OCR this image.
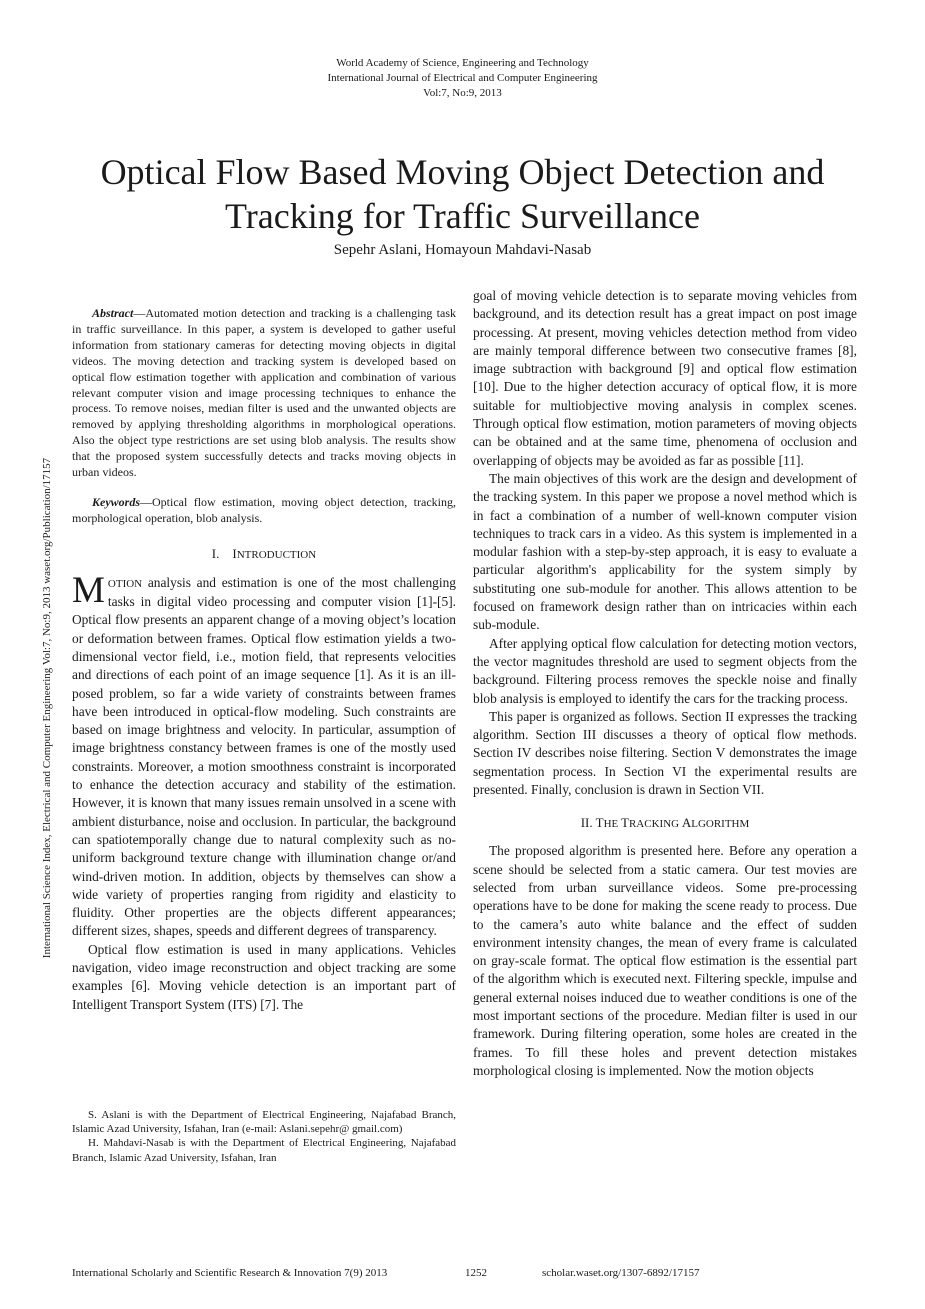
World Academy of Science, Engineering and Technology
International Journal of Electrical and Computer Engineering
Vol:7, No:9, 2013
Optical Flow Based Moving Object Detection and
Tracking for Traffic Surveillance
Sepehr Aslani, Homayoun Mahdavi-Nasab
International Science Index, Electrical and Computer Engineering Vol:7, No:9, 2013 waset.org/Publication/17157

Abstract—Automated motion detection and tracking is a challenging task in traffic surveillance. In this paper, a system is developed to gather useful information from stationary cameras for detecting moving objects in digital videos. The moving detection and tracking system is developed based on optical flow estimation together with application and combination of various relevant computer vision and image processing techniques to enhance the process. To remove noises, median filter is used and the unwanted objects are removed by applying thresholding algorithms in morphological operations. Also the object type restrictions are set using blob analysis. The results show that the proposed system successfully detects and tracks moving objects in urban videos.

Keywords—Optical flow estimation, moving object detection, tracking, morphological operation, blob analysis.

I. INTRODUCTION

MOTION analysis and estimation is one of the most challenging tasks in digital video processing and computer vision [1]-[5]. Optical flow presents an apparent change of a moving object’s location or deformation between frames. Optical flow estimation yields a two-dimensional vector field, i.e., motion field, that represents velocities and directions of each point of an image sequence [1]. As it is an ill-posed problem, so far a wide variety of constraints between frames have been introduced in optical-flow modeling. Such constraints are based on image brightness and velocity. In particular, assumption of image brightness constancy between frames is one of the mostly used constraints. Moreover, a motion smoothness constraint is incorporated to enhance the detection accuracy and stability of the estimation. However, it is known that many issues remain unsolved in a scene with ambient disturbance, noise and occlusion. In particular, the background can spatiotemporally change due to natural complexity such as no-uniform background texture change with illumination change or/and wind-driven motion. In addition, objects by themselves can show a wide variety of properties ranging from rigidity and elasticity to fluidity. Other properties are the objects different appearances; different sizes, shapes, speeds and different degrees of transparency.

Optical flow estimation is used in many applications. Vehicles navigation, video image reconstruction and object tracking are some examples [6]. Moving vehicle detection is an important part of Intelligent Transport System (ITS) [7]. The

S. Aslani is with the Department of Electrical Engineering, Najafabad Branch, Islamic Azad University, Isfahan, Iran (e-mail: Aslani.sepehr@ gmail.com)

H. Mahdavi-Nasab is with the Department of Electrical Engineering, Najafabad Branch, Islamic Azad University, Isfahan, Iran

goal of moving vehicle detection is to separate moving vehicles from background, and its detection result has a great impact on post image processing. At present, moving vehicles detection method from video are mainly temporal difference between two consecutive frames [8], image subtraction with background [9] and optical flow estimation [10]. Due to the higher detection accuracy of optical flow, it is more suitable for multiobjective moving analysis in complex scenes. Through optical flow estimation, motion parameters of moving objects can be obtained and at the same time, phenomena of occlusion and overlapping of objects may be avoided as far as possible [11].

The main objectives of this work are the design and development of the tracking system. In this paper we propose a novel method which is in fact a combination of a number of well-known computer vision techniques to track cars in a video. As this system is implemented in a modular fashion with a step-by-step approach, it is easy to evaluate a particular algorithm's applicability for the system simply by substituting one sub-module for another. This allows attention to be focused on framework design rather than on intricacies within each sub-module.

After applying optical flow calculation for detecting motion vectors, the vector magnitudes threshold are used to segment objects from the background. Filtering process removes the speckle noise and finally blob analysis is employed to identify the cars for the tracking process.

This paper is organized as follows. Section II expresses the tracking algorithm. Section III discusses a theory of optical flow methods. Section IV describes noise filtering. Section V demonstrates the image segmentation process. In Section VI the experimental results are presented. Finally, conclusion is drawn in Section VII.

II. THE TRACKING ALGORITHM

The proposed algorithm is presented here. Before any operation a scene should be selected from a static camera. Our test movies are selected from urban surveillance videos. Some pre-processing operations have to be done for making the scene ready to process. Due to the camera’s auto white balance and the effect of sudden environment intensity changes, the mean of every frame is calculated on gray-scale format. The optical flow estimation is the essential part of the algorithm which is executed next. Filtering speckle, impulse and general external noises induced due to weather conditions is one of the most important sections of the procedure. Median filter is used in our framework. During filtering operation, some holes are created in the frames. To fill these holes and prevent detection mistakes morphological closing is implemented. Now the motion objects

International Scholarly and Scientific Research & Innovation 7(9) 2013	1252	scholar.waset.org/1307-6892/17157
